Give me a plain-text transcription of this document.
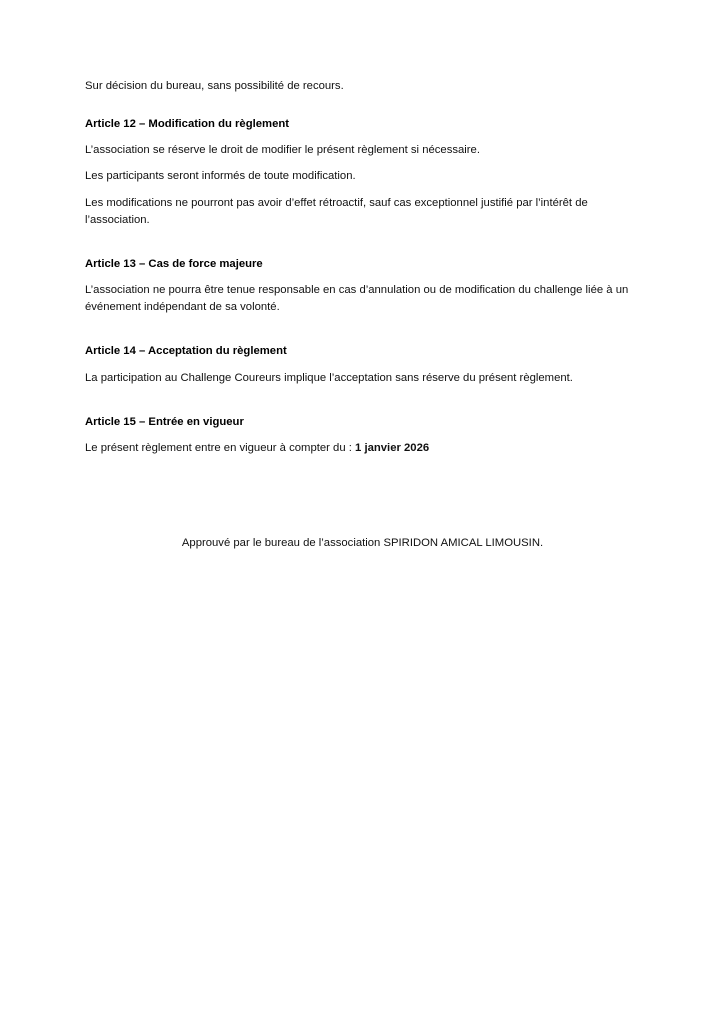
Sur décision du bureau, sans possibilité de recours.

Article 12 – Modification du règlement

L’association se réserve le droit de modifier le présent règlement si nécessaire.

Les participants seront informés de toute modification.

Les modifications ne pourront pas avoir d’effet rétroactif, sauf cas exceptionnel justifié par l’intérêt de l’association.

Article 13 – Cas de force majeure

L’association ne pourra être tenue responsable en cas d’annulation ou de modification du challenge liée à un événement indépendant de sa volonté.

Article 14 – Acceptation du règlement

La participation au Challenge Coureurs implique l’acceptation sans réserve du présent règlement.

Article 15 – Entrée en vigueur

Le présent règlement entre en vigueur à compter du : 1 janvier 2026

Approuvé par le bureau de l’association SPIRIDON AMICAL LIMOUSIN.
